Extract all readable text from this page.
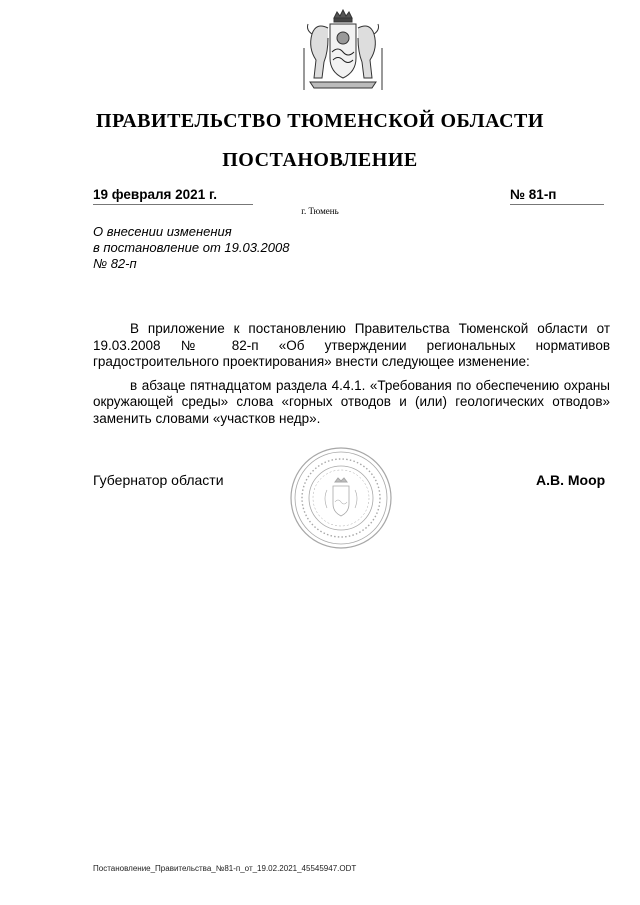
ПРАВИТЕЛЬСТВО ТЮМЕНСКОЙ ОБЛАСТИ
ПОСТАНОВЛЕНИЕ
19 февраля 2021 г.	№ 81-п
г. Тюмень
О внесении изменения
в постановление от 19.03.2008
№ 82-п

В приложение к постановлению Правительства Тюменской области от 19.03.2008 № 82-п «Об утверждении региональных нормативов градостроительного проектирования» внести следующее изменение:

в абзаце пятнадцатом раздела 4.4.1. «Требования по обеспечению охраны окружающей среды» слова «горных отводов и (или) геологических отводов» заменить словами «участков недр».

Губернатор области	А.В. Моор
Постановление_Правительства_№81-п_от_19.02.2021_45545947.ODT
